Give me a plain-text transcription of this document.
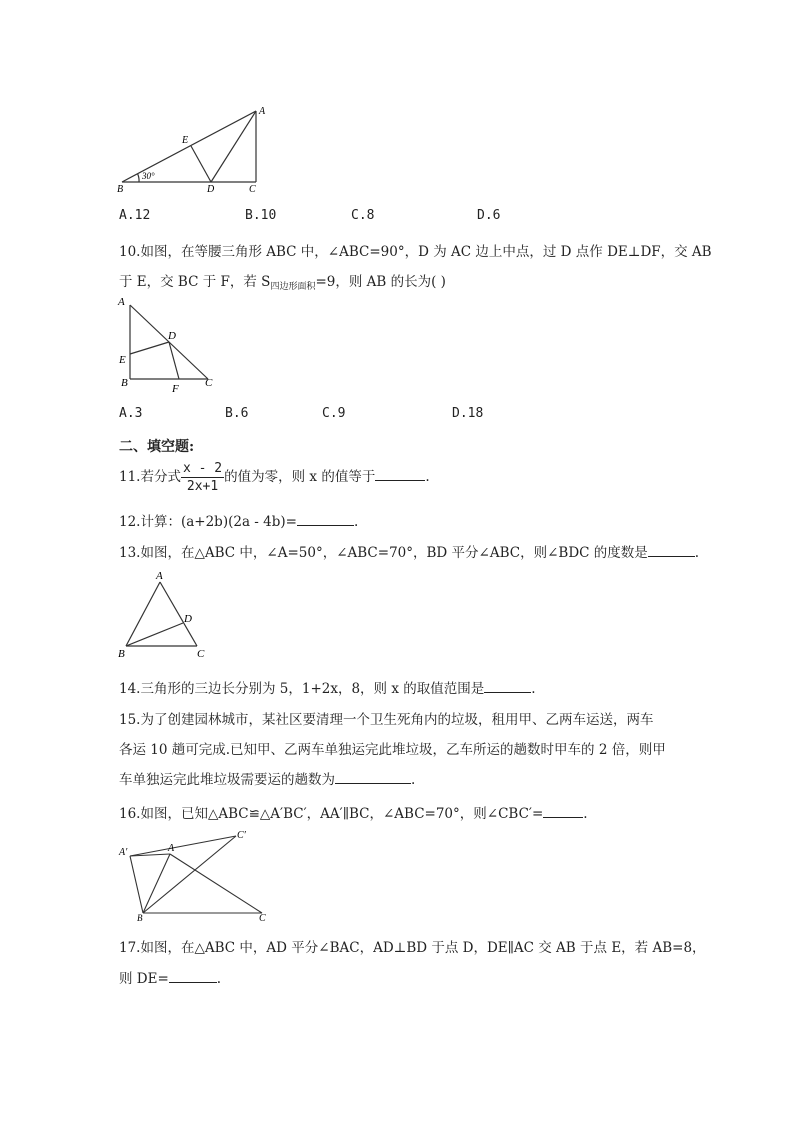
A
B	C
D
E
30°
A.12	B.10	C.8	D.6
10.如图，在等腰三角形 ABC 中，∠ABC=90°，D 为 AC 边上中点，过 D 点作 DE⊥DF，交 AB
于 E，交 BC 于 F，若 $S_{四边形面积}=9$，则 AB 的长为( )
A
D
E
B	F C
A.3	B.6	C.9	D.18
二、填空题:
11.若分式 $\frac{x - 2}{2x+1}$ 的值为零，则 x 的值等于	.
12.计算：(a+2b)(2a - 4b)=	.
13.如图，在△ABC 中，∠A=50°，∠ABC=70°，BD 平分∠ABC，则∠BDC 的度数是	.
A
D
B	C
14.三角形的三边长分别为 5，1+2x，8，则 x 的取值范围是	.
15.为了创建园林城市，某社区要清理一个卫生死角内的垃圾，租用甲、乙两车运送，两车
各运 10 趟可完成.已知甲、乙两车单独运完此堆垃圾，乙车所运的趟数时甲车的 2 倍，则甲
车单独运完此堆垃圾需要运的趟数为	.
16.如图，已知△ABC≌△A′BC′，AA′∥BC，∠ABC=70°，则∠CBC′=	.
A′	A
C′
B	C
17.如图，在△ABC 中，AD 平分∠BAC，AD⊥BD 于点 D，DE∥AC 交 AB 于点 E，若 AB=8，
则 DE=	.
